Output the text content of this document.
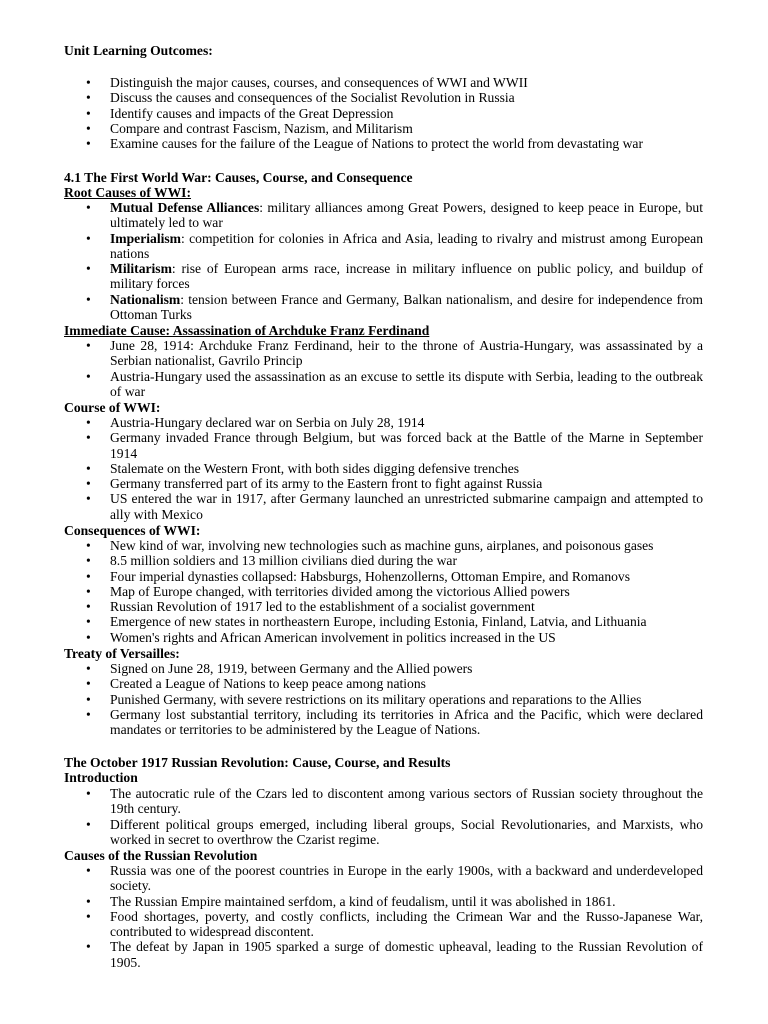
Unit Learning Outcomes:
• Distinguish the major causes, courses, and consequences of WWI and WWII
• Discuss the causes and consequences of the Socialist Revolution in Russia
• Identify causes and impacts of the Great Depression
• Compare and contrast Fascism, Nazism, and Militarism
• Examine causes for the failure of the League of Nations to protect the world from devastating war
4.1 The First World War: Causes, Course, and Consequence
Root Causes of WWI:
• Mutual Defense Alliances: military alliances among Great Powers, designed to keep peace in Europe, but ultimately led to war
• Imperialism: competition for colonies in Africa and Asia, leading to rivalry and mistrust among European nations
• Militarism: rise of European arms race, increase in military influence on public policy, and buildup of military forces
• Nationalism: tension between France and Germany, Balkan nationalism, and desire for independence from Ottoman Turks
Immediate Cause: Assassination of Archduke Franz Ferdinand
• June 28, 1914: Archduke Franz Ferdinand, heir to the throne of Austria-Hungary, was assassinated by a Serbian nationalist, Gavrilo Princip
• Austria-Hungary used the assassination as an excuse to settle its dispute with Serbia, leading to the outbreak of war
Course of WWI:
• Austria-Hungary declared war on Serbia on July 28, 1914
• Germany invaded France through Belgium, but was forced back at the Battle of the Marne in September 1914
• Stalemate on the Western Front, with both sides digging defensive trenches
• Germany transferred part of its army to the Eastern front to fight against Russia
• US entered the war in 1917, after Germany launched an unrestricted submarine campaign and attempted to ally with Mexico
Consequences of WWI:
• New kind of war, involving new technologies such as machine guns, airplanes, and poisonous gases
• 8.5 million soldiers and 13 million civilians died during the war
• Four imperial dynasties collapsed: Habsburgs, Hohenzollerns, Ottoman Empire, and Romanovs
• Map of Europe changed, with territories divided among the victorious Allied powers
• Russian Revolution of 1917 led to the establishment of a socialist government
• Emergence of new states in northeastern Europe, including Estonia, Finland, Latvia, and Lithuania
• Women's rights and African American involvement in politics increased in the US
Treaty of Versailles:
• Signed on June 28, 1919, between Germany and the Allied powers
• Created a League of Nations to keep peace among nations
• Punished Germany, with severe restrictions on its military operations and reparations to the Allies
• Germany lost substantial territory, including its territories in Africa and the Pacific, which were declared mandates or territories to be administered by the League of Nations.
The October 1917 Russian Revolution: Cause, Course, and Results
Introduction
• The autocratic rule of the Czars led to discontent among various sectors of Russian society throughout the 19th century.
• Different political groups emerged, including liberal groups, Social Revolutionaries, and Marxists, who worked in secret to overthrow the Czarist regime.
Causes of the Russian Revolution
• Russia was one of the poorest countries in Europe in the early 1900s, with a backward and underdeveloped society.
• The Russian Empire maintained serfdom, a kind of feudalism, until it was abolished in 1861.
• Food shortages, poverty, and costly conflicts, including the Crimean War and the Russo-Japanese War, contributed to widespread discontent.
• The defeat by Japan in 1905 sparked a surge of domestic upheaval, leading to the Russian Revolution of 1905.
